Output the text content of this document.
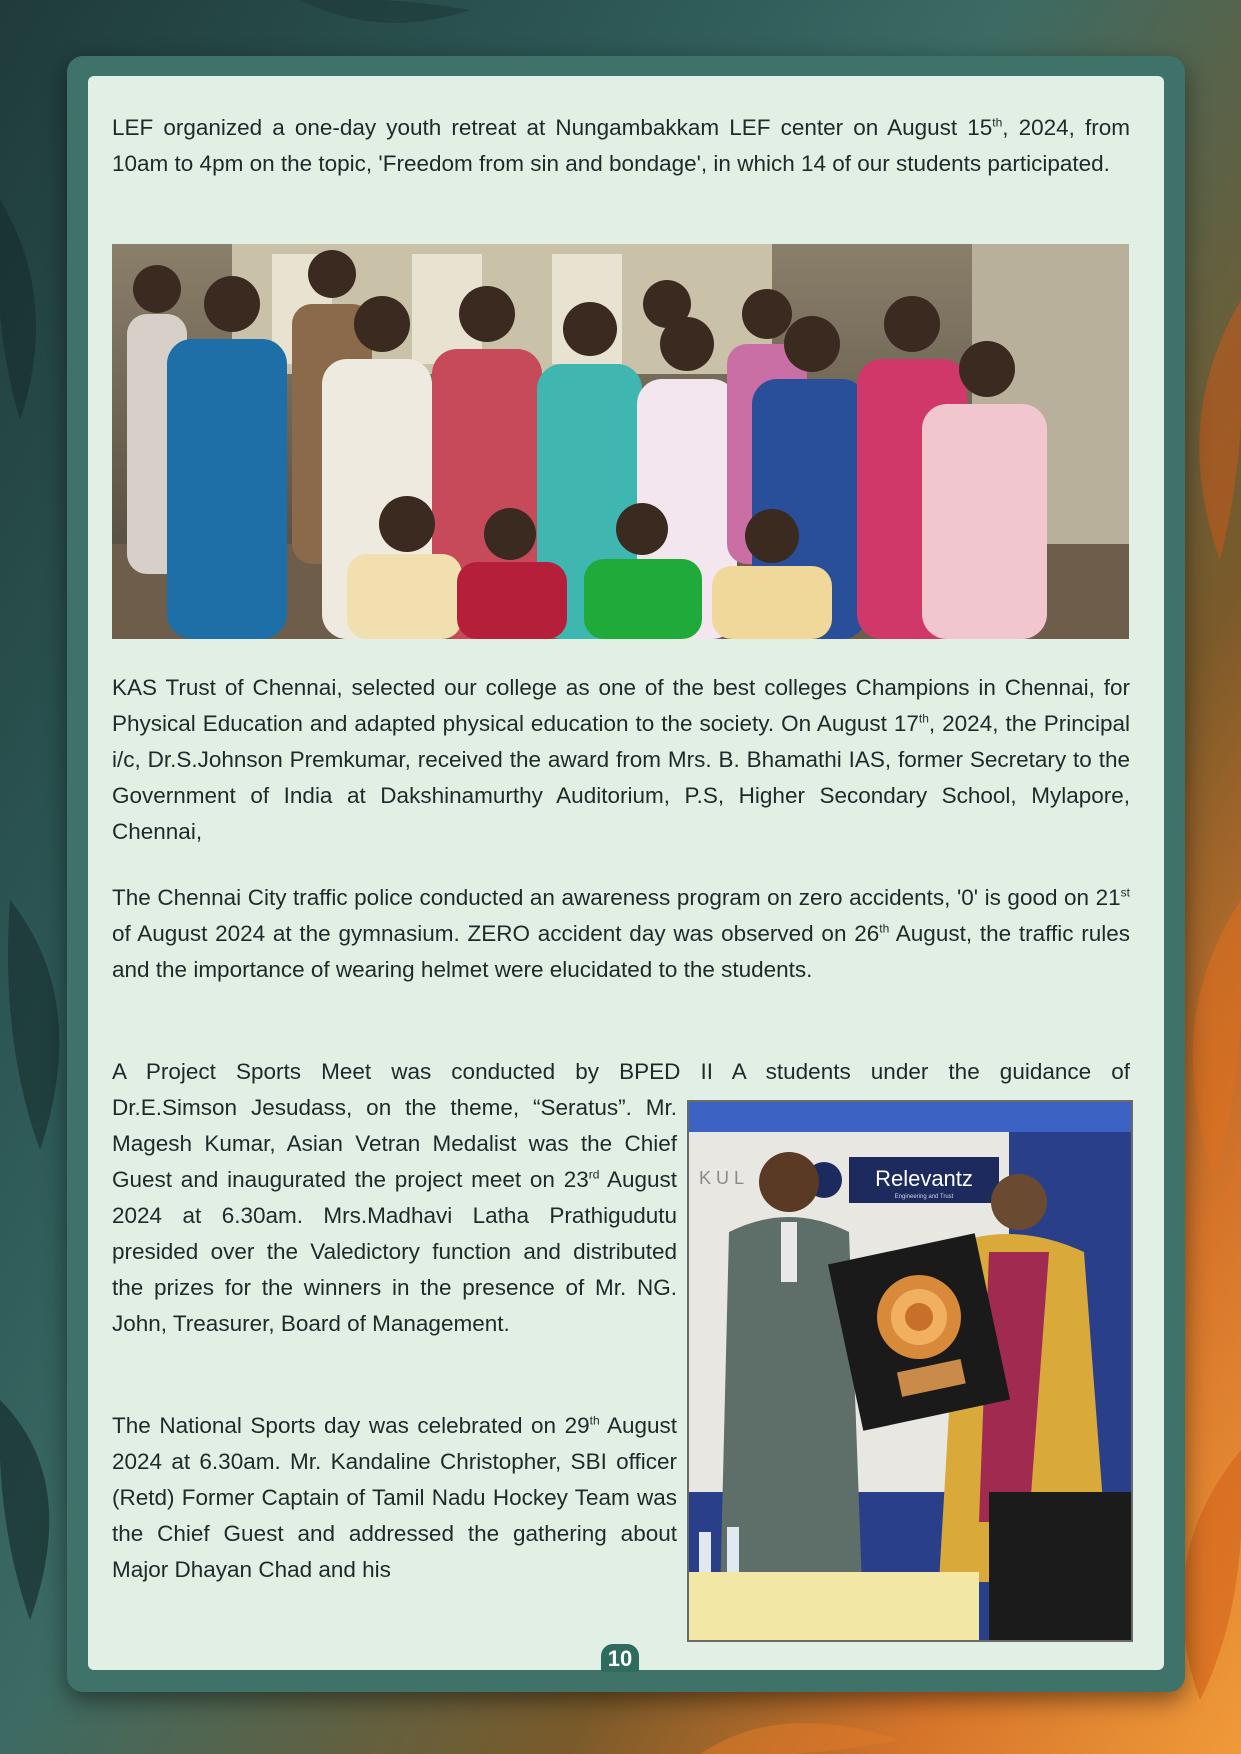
LEF organized a one-day youth retreat at Nungambakkam LEF center on August 15th, 2024, from 10am to 4pm on the topic, 'Freedom from sin and bondage', in which 14 of our students participated.
KAS Trust of Chennai, selected our college as one of the best colleges Champions in Chennai, for Physical Education and adapted physical education to the society. On August 17th, 2024, the Principal i/c, Dr.S.Johnson Premkumar, received the award from Mrs. B. Bhamathi IAS, former Secretary to the Government of India at Dakshinamurthy Auditorium, P.S, Higher Secondary School, Mylapore, Chennai,
The Chennai City traffic police conducted an awareness program on zero accidents, '0' is good on 21st of August 2024 at the gymnasium. ZERO accident day was observed on 26th August, the traffic rules and the importance of wearing helmet were elucidated to the students.
A Project Sports Meet was conducted by BPED II A students under the guidance of
Dr.E.Simson Jesudass, on the theme, “Seratus”. Mr. Magesh Kumar, Asian Vetran Medalist was the Chief Guest and inaugurated the project meet on 23rd August 2024 at 6.30am. Mrs.Madhavi Latha Prathigudutu presided over the Valedictory function and distributed the prizes for the winners in the presence of Mr. NG. John, Treasurer, Board of Management.
The National Sports day was celebrated on 29th August 2024 at 6.30am. Mr. Kandaline Christopher, SBI officer (Retd) Former Captain of Tamil Nadu Hockey Team was the Chief Guest and addressed the gathering about Major Dhayan Chad and his
Relevantz
Engineering and Trust
K U L
10
